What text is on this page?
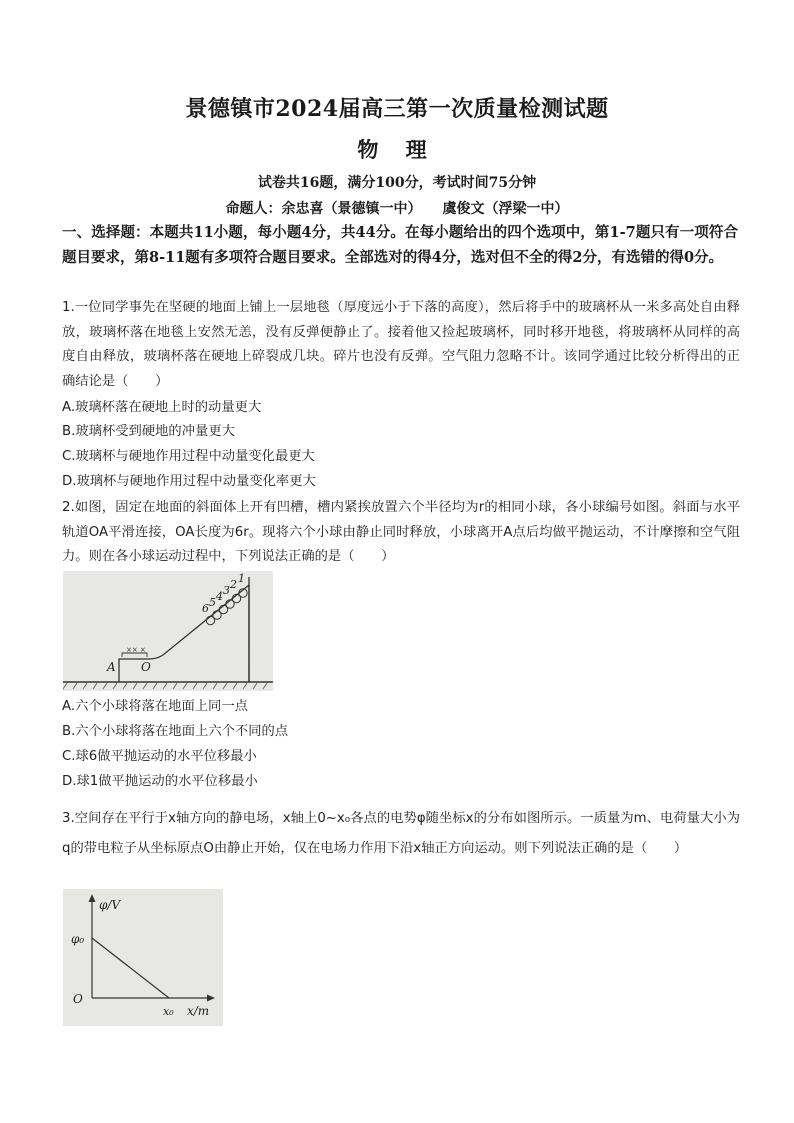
景德镇市2024届高三第一次质量检测试题
物 理
试卷共16题，满分100分，考试时间75分钟
命题人：余忠喜（景德镇一中）　　虞俊文（浮梁一中）
一、选择题：本题共11小题，每小题4分，共44分。在每小题给出的四个选项中，第1-7题只有一项符合题目要求，第8-11题有多项符合题目要求。全部选对的得4分，选对但不全的得2分，有选错的得0分。
1.一位同学事先在坚硬的地面上铺上一层地毯（厚度远小于下落的高度），然后将手中的玻璃杯从一米多高处自由释放，玻璃杯落在地毯上安然无恙，没有反弹便静止了。接着他又捡起玻璃杯，同时移开地毯，将玻璃杯从同样的高度自由释放，玻璃杯落在硬地上碎裂成几块。碎片也没有反弹。空气阻力忽略不计。该同学通过比较分析得出的正确结论是（　　）
A.玻璃杯落在硬地上时的动量更大
B.玻璃杯受到硬地的冲量更大
C.玻璃杯与硬地作用过程中动量变化最更大
D.玻璃杯与硬地作用过程中动量变化率更大
2.如图，固定在地面的斜面体上开有凹槽，槽内紧挨放置六个半径均为r的相同小球，各小球编号如图。斜面与水平轨道OA平滑连接，OA长度为6r。现将六个小球由静止同时释放，小球离开A点后均做平抛运动，不计摩擦和空气阻力。则在各小球运动过程中，下列说法正确的是（　　）
×× ×
6 5 4 3 2 1
A O
A.六个小球将落在地面上同一点
B.六个小球将落在地面上六个不同的点
C.球6做平抛运动的水平位移最小
D.球1做平抛运动的水平位移最小
3.空间存在平行于x轴方向的静电场，x轴上0~x₀各点的电势φ随坐标x的分布如图所示。一质量为m、电荷量大小为q的带电粒子从坐标原点O由静止开始，仅在电场力作用下沿x轴正方向运动。则下列说法正确的是（　　）
φ/V
φ₀
O
x₀ x/m
